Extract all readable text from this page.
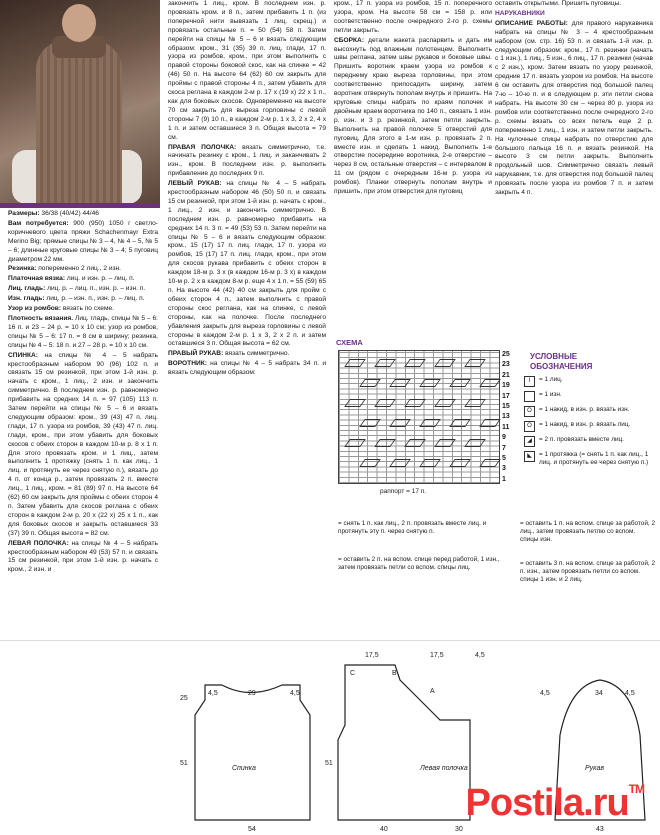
Размеры: 36/38 (40/42) 44/46

Вам потребуется: 900 (950) 1050 г светло-коричневого цвета пряжи Schachenmayr Extra Merino Big; прямые спицы № 3 – 4, № 4 – 5, № 5 – 6; длинные круговые спицы № 3 – 4; 5 пуговиц диаметром 22 мм.

Резинка: попеременно 2 лиц., 2 изн.

Платочная вязка: лиц. и изн. р. – лиц. п.

Лиц. гладь: лиц. р. – лиц. п., изн. р. – изн. п.

Изн. гладь: лиц. р. – изн. п., изн. р. – лиц. п.

Узор из ромбов: вязать по схеме.

Плотность вязания. Лиц. гладь, спицы № 5 – 6: 16 п. и 23 – 24 р. = 10 х 10 см; узор из ромбов, спицы № 5 – 6: 17 п. = 8 см в ширину; резинка, спицы № 4 – 5: 18 п. и 27 – 28 р. = 10 х 10 см.

СПИНКА: на спицы № 4 – 5 набрать крестообразным набором 90 (96) 102 п. и связать 15 см резинкой, при этом 1-й изн. р. начать с кром., 1 лиц., 2 изн. и закончить симметрично. В последнем изн. р. равномерно прибавить на средних 14 п. = 97 (105) 113 п. Затем перейти на спицы № 5 – 6 и вязать следующим образом: кром., 39 (43) 47 п. лиц. глади, 17 п. узора из ромбов, 39 (43) 47 п. лиц. глади, кром., при этом убавить для боковых скосов с обеих сторон в каждом 10-м р. 8 х 1 п. Для этого провязать кром. и 1 лиц., затем выполнить 1 протяжку (снять 1 п. как лиц., 1 лиц. и протянуть ее через снятую п.), вязать до 4 п. от конца р., затем провязать 2 п. вместе лиц., 1 лиц., кром. = 81 (89) 97 п. На высоте 64 (62) 60 см закрыть для проймы с обеих сторон 4 п. Затем убавить для скосов реглана с обеих сторон в каждом 2-м р. 20 х (22 х) 25 х 1 п., как для боковых скосов и закрыть оставшиеся 33 (37) 39 п. Общая высота = 82 см.

ЛЕВАЯ ПОЛОЧКА: на спицы № 4 – 5 набрать крестообразным набором 49 (53) 57 п. и связать 15 см резинкой, при этом 1-й изн. р. начать с кром., 2 изн. и

закончить 1 лиц., кром. В последнем изн. р. провязать кром. и 8 п., затем прибавить 1 п. (из поперечной нити вывязать 1 лиц. скрещ.) и провязать остальные п. = 50 (54) 58 п. Затем перейти на спицы № 5 – 6 и вязать следующим образом: кром., 31 (35) 39 п. лиц. глади, 17 п. узора из ромбов, кром., при этом выполнить с правой стороны боковой скос, как на спинке = 42 (46) 50 п. На высоте 64 (62) 60 см закрыть для проймы с правой стороны 4 п., затем убавить для скоса реглана в каждом 2-м р. 17 х (19 х) 22 х 1 п., как для боковых скосов. Одновременно на высоте 70 см закрыть для выреза горловины с левой стороны 7 (9) 10 п., в каждом 2-м р. 1 х 3, 2 х 2, 4 х 1 п. и затем оставшиеся 3 п. Общая высота = 79 см.

ПРАВАЯ ПОЛОЧКА: вязать симметрично, т.е. начинать резинку с кром., 1 лиц. и заканчивать 2 изн., кром. В последнем изн. р. выполнить прибавление до последних 9 п.

ЛЕВЫЙ РУКАВ: на спицы № 4 – 5 набрать крестообразным набором 46 (50) 50 п. и связать 15 см резинкой, при этом 1-й изн. р. начать с кром., 1 лиц., 2 изн. и закончить симметрично. В последнем изн. р. равномерно прибавить на средних 14 п. 3 п. = 49 (53) 53 п. Затем перейти на спицы № 5 – 6 и вязать следующим образом: кром., 15 (17) 17 п. лиц. глади, 17 п. узора из ромбов, 15 (17) 17 п. лиц. глади, кром., при этом для скосов рукава прибавить с обеих сторон в каждом 18-м р. 3 х (в каждом 16-м р. 3 х) в каждом 10-м р. 2 х в каждом 8-м р. еще 4 х 1 п. = 55 (59) 65 п. На высоте 44 (42) 40 см закрыть для пройм с обеих сторон 4 п., затем выполнить с правой стороны скос реглана, как на спинке, с левой стороны, как на полочке. После последнего убавления закрыть для выреза горловины с левой стороны в каждом 2-м р. 1 х 3, 2 х 2 п. и затем оставшиеся 3 п. Общая высота = 62 см.

ПРАВЫЙ РУКАВ: вязать симметрично.

ВОРОТНИК: на спицы № 4 – 5 набрать 34 п. и вязать следующим образом:

кром., 17 п. узора из ромбов, 15 п. поперечного узора, кром. На высоте 58 см = 158 р. или соответственно после очередного 2-го р. схемы петли закрыть.

СБОРКА: детали жакета распарвить и дать им высохнуть под влажным полотенцем. Выполнить швы реглана, затем швы рукавов и боковые швы. Пришить воротник краем узора из ромбов к переднему краю выреза горловины, при этом соответственно припосадить ширину, затем воротник отвернуть пополам внутрь и пришить. На круговые спицы набрать по краям полочек и двойным краем воротника по 140 п., связать 1 изн. р. изн. и 3 р. резинкой, затем петли закрыть. Выполнить на правой полочке 5 отверстий для пуговиц. Для этого в 1-м изн. р. провязать 2 п. вместе изн. и сделать 1 накид. Выполнить 1-е отверстие посередине воротника, 2-е отверстие – через 8 см, остальные отверстия – с интервалом в 11 см (рядом с очередным 16-м р. узора из ромбов). Планки отвернуть пополам внутрь и пришить, при этом отверстия для пуговиц

оставить открытыми. Пришить пуговицы.

НАРУКАВНИКИ

ОПИСАНИЕ РАБОТЫ: для правого нарукавника набрать на спицы № 3 – 4 крестообразным набором (см. стр. 16) 53 п. и связать 1-й изн. р. следующим образом: кром., 17 п. резинки (начать с 1 изн.), 1 лиц., 5 изн., 6 лиц., 17 п. резинки (начав с 2 изн.), кром. Затем вязать по узору резинкой, средние 17 п. вязать узором из ромбов. На высоте 6 см оставить для отверстия под большой палец 7-ю – 10-ю п. и в следующем р. эти петли снова набрать. На высоте 30 см – через 80 р. узора из ромбов или соответственно после очередного 2-го р. схемы вязать со всех петель еще 2 р. попеременно 1 лиц., 1 изн. и затем петли закрыть. На чулочные спицы набрать по отверстию для большого пальца 16 п. и вязать резинкой. На высоте 3 см петли закрыть. Выполнить продольный шов. Симметрично связать левый нарукавник, т.е. для отверстия под большой палец провязать после узора из ромбов 7 п. и затем закрыть 4 п.

СХЕМА
25
23
21
19
17
15
13
11
9
7
5
3
1
раппорт = 17 п.
УСЛОВНЫЕ
ОБОЗНАЧЕНИЯ
I	= 1 лиц.
= 1 изн.
O	= 1 накид, в изн. р. вязать изн.
O	= 1 накид, в изн. р. вязать лиц.
◢	= 2 п. провязать вместе лиц.
◣	= 1 протяжка (= снять 1 п. как лиц., 1 лиц. и протянуть ее через снятую п.)
= снять 1 п. как лиц., 2 п. провязать вместе лиц. и протянуть эту п. через снятую п.
= оставить 2 п. на вспом. спице перед работой, 1 изн., затем провязать петли со вспом. спицы лиц.
= оставить 1 п. на вспом. спице за работой, 2 лиц., затем провязать петлю со вспом. спицы изн.
= оставить 3 п. на вспом. спице за работой, 2 п. изн., затем провязать петли со вспом. спицы 1 изн. и 2 лиц.
Спинка	Левая полочка	Рукав
4,5	29	4,5
54
51
25
17,5	17,5	4,5
40	30
51
A
B
C
4,5	34	4,5
43
Postila.ru™
